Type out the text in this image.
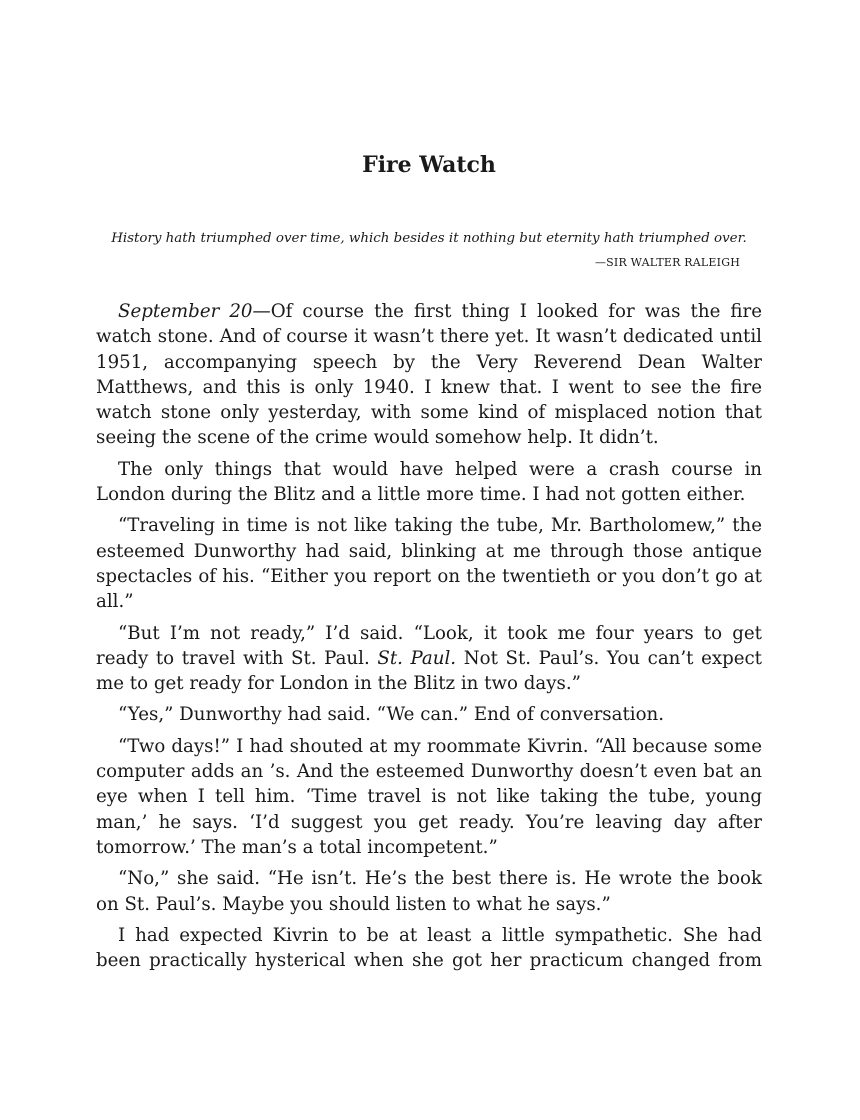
Fire Watch
History hath triumphed over time, which besides it nothing but eternity hath triumphed over.
—SIR WALTER RALEIGH

September 20—Of course the first thing I looked for was the fire watch stone. And of course it wasn’t there yet. It wasn’t dedicated until 1951, accompanying speech by the Very Reverend Dean Walter Matthews, and this is only 1940. I knew that. I went to see the fire watch stone only yesterday, with some kind of misplaced notion that seeing the scene of the crime would somehow help. It didn’t.

The only things that would have helped were a crash course in London during the Blitz and a little more time. I had not gotten either.

“Traveling in time is not like taking the tube, Mr. Bartholomew,” the esteemed Dunworthy had said, blinking at me through those antique spectacles of his. “Either you report on the twentieth or you don’t go at all.”

“But I’m not ready,” I’d said. “Look, it took me four years to get ready to travel with St. Paul. St. Paul. Not St. Paul’s. You can’t expect me to get ready for London in the Blitz in two days.”

“Yes,” Dunworthy had said. “We can.” End of conversation.

“Two days!” I had shouted at my roommate Kivrin. “All because some computer adds an ’s. And the esteemed Dunworthy doesn’t even bat an eye when I tell him. ‘Time travel is not like taking the tube, young man,’ he says. ‘I’d suggest you get ready. You’re leaving day after tomorrow.’ The man’s a total incompetent.”

“No,” she said. “He isn’t. He’s the best there is. He wrote the book on St. Paul’s. Maybe you should listen to what he says.”

I had expected Kivrin to be at least a little sympathetic. She had been practically hysterical when she got her practicum changed from
